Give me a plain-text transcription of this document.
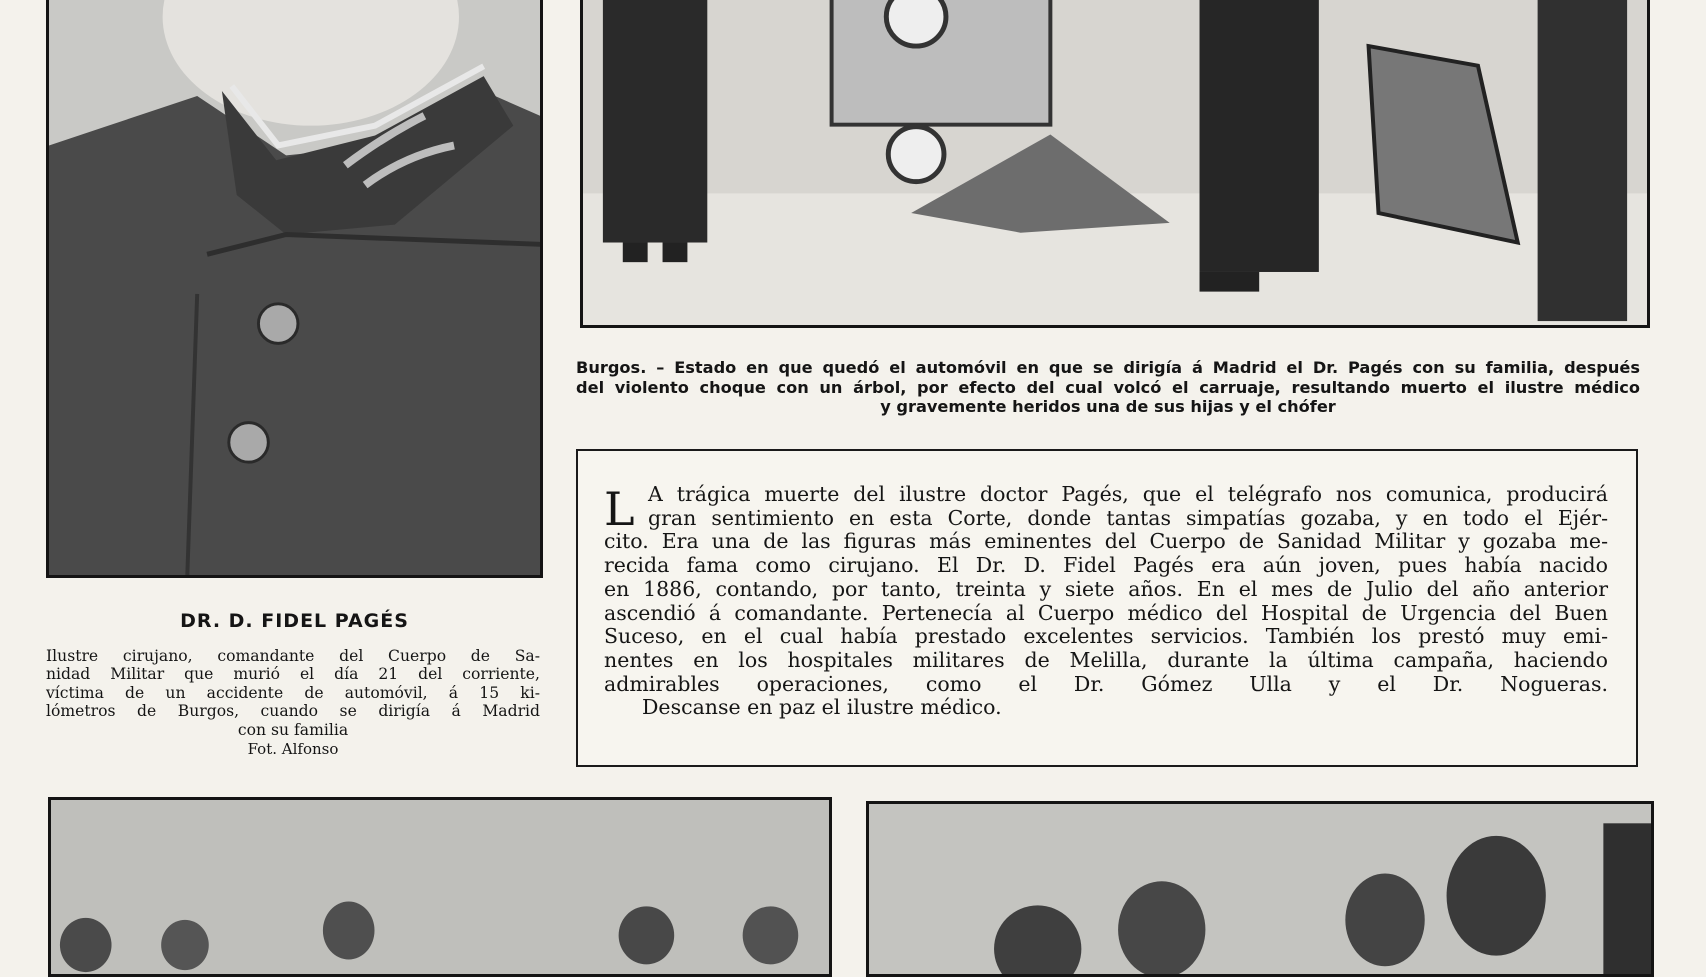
DR. D. FIDEL PAGÉS
Ilustre cirujano, comandante del Cuerpo de Sa-
nidad Militar que murió el día 21 del corriente,
víctima de un accidente de automóvil, á 15 ki-
lómetros de Burgos, cuando se dirigía á Madrid
con su familia
Fot. Alfonso
Burgos. – Estado en que quedó el automóvil en que se dirigía á Madrid el Dr. Pagés con su familia, después
del violento choque con un árbol, por efecto del cual volcó el carruaje, resultando muerto el ilustre médico
y gravemente heridos una de sus hijas y el chófer
L A trágica muerte del ilustre doctor Pagés, que el telégrafo nos comunica, producirá
gran sentimiento en esta Corte, donde tantas simpatías gozaba, y en todo el Ejér-
cito. Era una de las figuras más eminentes del Cuerpo de Sanidad Militar y gozaba me-
recida fama como cirujano. El Dr. D. Fidel Pagés era aún joven, pues había nacido
en 1886, contando, por tanto, treinta y siete años. En el mes de Julio del año anterior
ascendió á comandante. Pertenecía al Cuerpo médico del Hospital de Urgencia del Buen
Suceso, en el cual había prestado excelentes servicios. También los prestó muy emi-
nentes en los hospitales militares de Melilla, durante la última campaña, haciendo
admirables operaciones, como el Dr. Gómez Ulla y el Dr. Nogueras.
Descanse en paz el ilustre médico.
